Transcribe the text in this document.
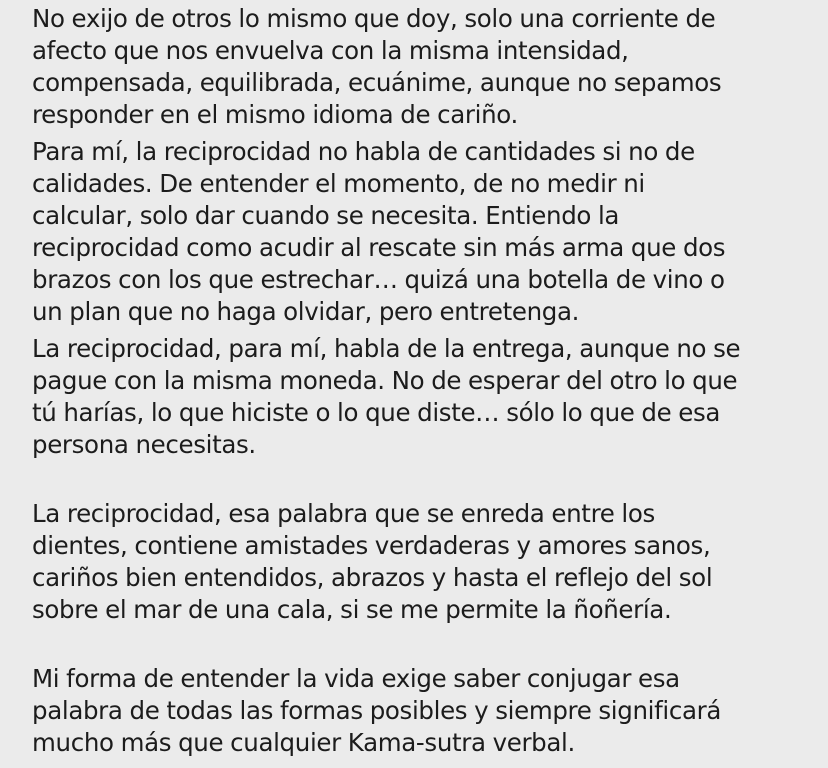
No exijo de otros lo mismo que doy, solo una corriente de
afecto que nos envuelva con la misma intensidad,
compensada, equilibrada, ecuánime, aunque no sepamos
responder en el mismo idioma de cariño.

Para mí, la reciprocidad no habla de cantidades si no de
calidades. De entender el momento, de no medir ni
calcular, solo dar cuando se necesita. Entiendo la
reciprocidad como acudir al rescate sin más arma que dos
brazos con los que estrechar… quizá una botella de vino o
un plan que no haga olvidar, pero entretenga.

La reciprocidad, para mí, habla de la entrega, aunque no se
pague con la misma moneda. No de esperar del otro lo que
tú harías, lo que hiciste o lo que diste… sólo lo que de esa
persona necesitas.

La reciprocidad, esa palabra que se enreda entre los
dientes, contiene amistades verdaderas y amores sanos,
cariños bien entendidos, abrazos y hasta el reflejo del sol
sobre el mar de una cala, si se me permite la ñoñería.

Mi forma de entender la vida exige saber conjugar esa
palabra de todas las formas posibles y siempre significará
mucho más que cualquier Kama-sutra verbal.
